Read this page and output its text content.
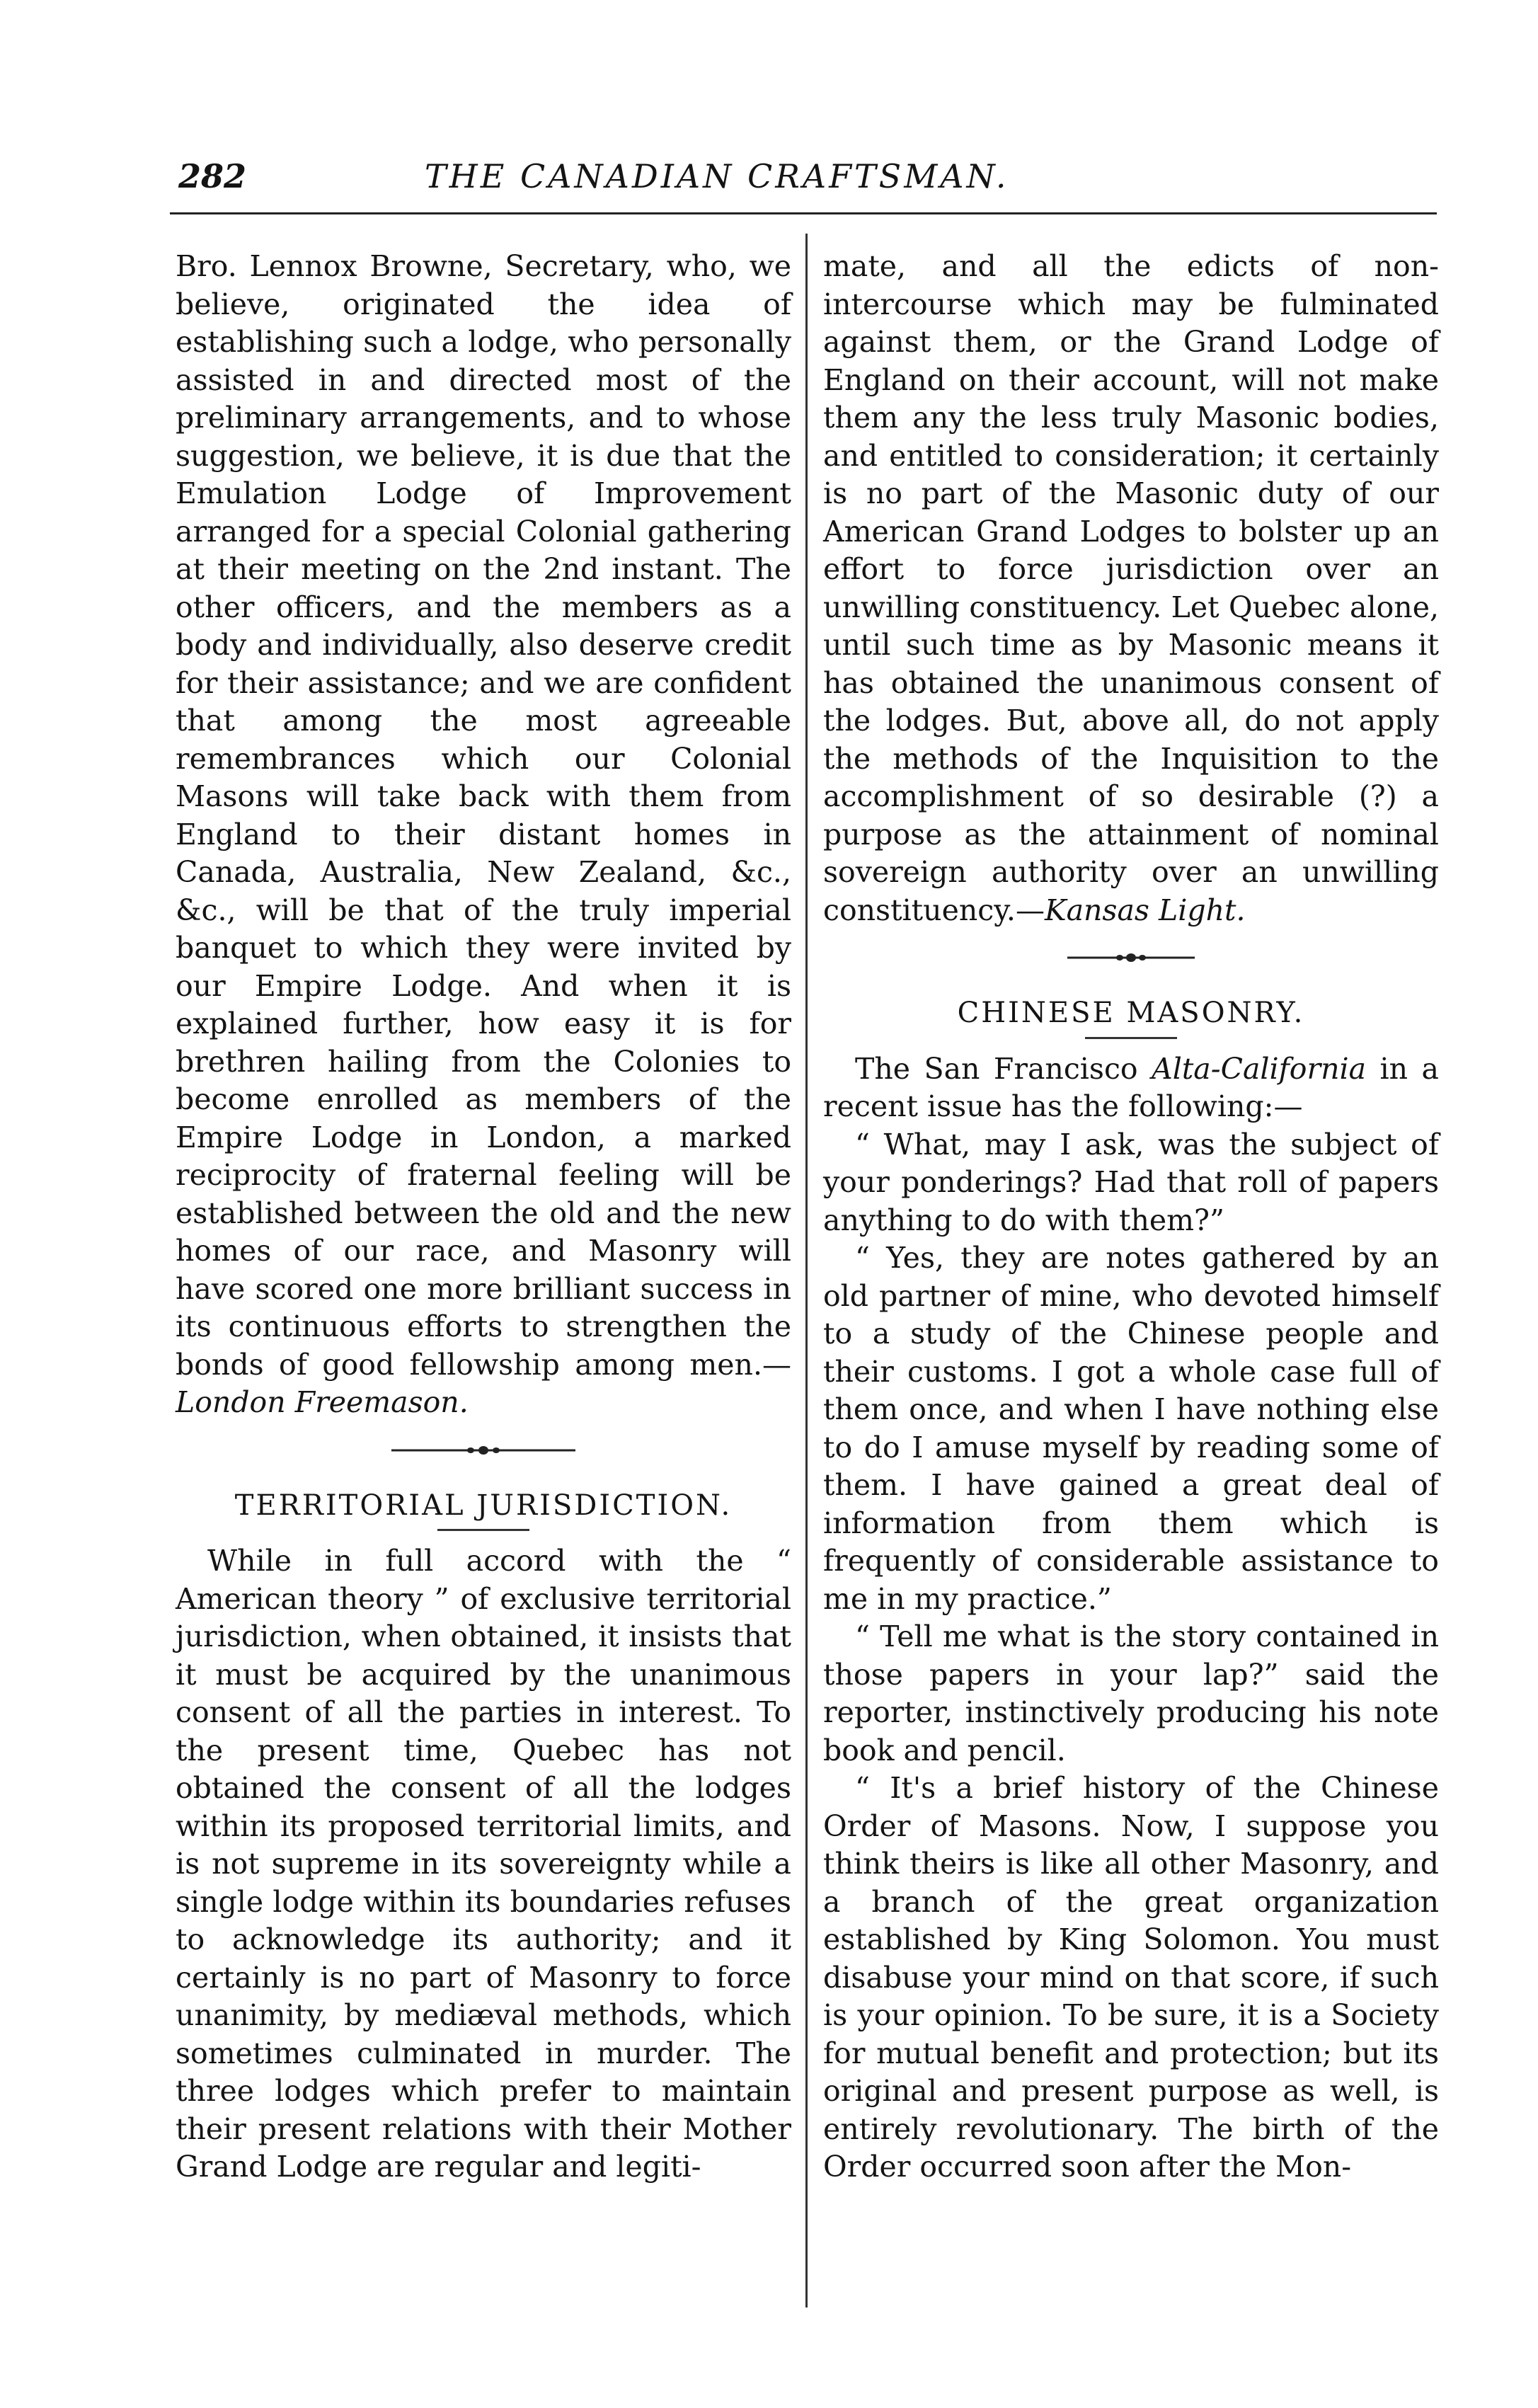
282	THE CANADIAN CRAFTSMAN.

Bro. Lennox Browne, Secretary, who, we believe, originated the idea of establishing such a lodge, who personally assisted in and directed most of the preliminary arrangements, and to whose suggestion, we believe, it is due that the Emulation Lodge of Improvement arranged for a special Colonial gathering at their meeting on the 2nd instant. The other officers, and the members as a body and individually, also deserve credit for their assistance; and we are confident that among the most agreeable remembrances which our Colonial Masons will take back with them from England to their distant homes in Canada, Australia, New Zealand, &c., &c., will be that of the truly imperial banquet to which they were invited by our Empire Lodge. And when it is explained further, how easy it is for brethren hailing from the Colonies to become enrolled as members of the Empire Lodge in London, a marked reciprocity of fraternal feeling will be established between the old and the new homes of our race, and Masonry will have scored one more brilliant success in its continuous efforts to strengthen the bonds of good fellowship among men.—London Freemason.

TERRITORIAL JURISDICTION.

While in full accord with the “ American theory ” of exclusive territorial jurisdiction, when obtained, it insists that it must be acquired by the unanimous consent of all the parties in interest. To the present time, Quebec has not obtained the consent of all the lodges within its proposed territorial limits, and is not supreme in its sovereignty while a single lodge within its boundaries refuses to acknowledge its authority; and it certainly is no part of Masonry to force unanimity, by mediæval methods, which sometimes culminated in murder. The three lodges which prefer to maintain their present relations with their Mother Grand Lodge are regular and legiti-

mate, and all the edicts of non-intercourse which may be fulminated against them, or the Grand Lodge of England on their account, will not make them any the less truly Masonic bodies, and entitled to consideration; it certainly is no part of the Masonic duty of our American Grand Lodges to bolster up an effort to force jurisdiction over an unwilling constituency. Let Quebec alone, until such time as by Masonic means it has obtained the unanimous consent of the lodges. But, above all, do not apply the methods of the Inquisition to the accomplishment of so desirable (?) a purpose as the attainment of nominal sovereign authority over an unwilling constituency.—Kansas Light.

CHINESE MASONRY.

The San Francisco Alta-California in a recent issue has the following:—

“ What, may I ask, was the subject of your ponderings? Had that roll of papers anything to do with them?”

“ Yes, they are notes gathered by an old partner of mine, who devoted himself to a study of the Chinese people and their customs. I got a whole case full of them once, and when I have nothing else to do I amuse myself by reading some of them. I have gained a great deal of information from them which is frequently of considerable assistance to me in my practice.”

“ Tell me what is the story contained in those papers in your lap?” said the reporter, instinctively producing his note book and pencil.

“ It's a brief history of the Chinese Order of Masons. Now, I suppose you think theirs is like all other Masonry, and a branch of the great organization established by King Solomon. You must disabuse your mind on that score, if such is your opinion. To be sure, it is a Society for mutual benefit and protection; but its original and present purpose as well, is entirely revolutionary. The birth of the Order occurred soon after the Mon-
